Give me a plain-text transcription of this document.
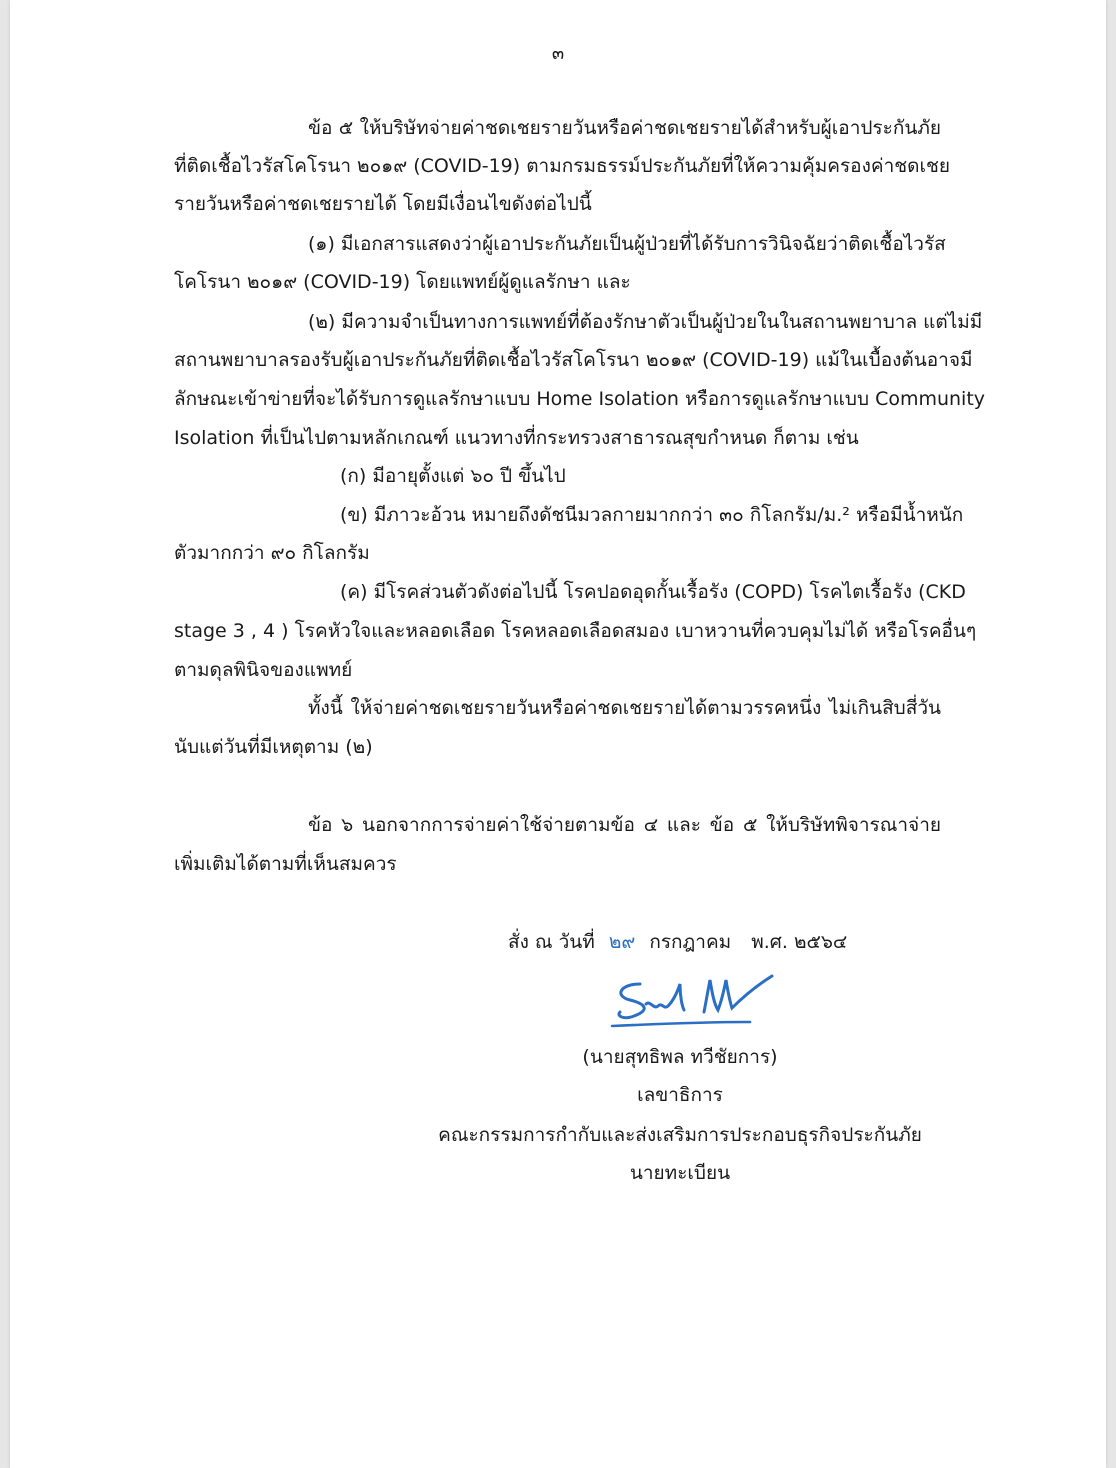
๓
ข้อ ๕ ให้บริษัทจ่ายค่าชดเชยรายวันหรือค่าชดเชยรายได้สำหรับผู้เอาประกันภัย
ที่ติดเชื้อไวรัสโคโรนา ๒๐๑๙ (COVID-19) ตามกรมธรรม์ประกันภัยที่ให้ความคุ้มครองค่าชดเชย
รายวันหรือค่าชดเชยรายได้ โดยมีเงื่อนไขดังต่อไปนี้
(๑) มีเอกสารแสดงว่าผู้เอาประกันภัยเป็นผู้ป่วยที่ได้รับการวินิจฉัยว่าติดเชื้อไวรัส
โคโรนา ๒๐๑๙ (COVID-19) โดยแพทย์ผู้ดูแลรักษา และ
(๒) มีความจำเป็นทางการแพทย์ที่ต้องรักษาตัวเป็นผู้ป่วยในในสถานพยาบาล แต่ไม่มี
สถานพยาบาลรองรับผู้เอาประกันภัยที่ติดเชื้อไวรัสโคโรนา ๒๐๑๙ (COVID-19) แม้ในเบื้องต้นอาจมี
ลักษณะเข้าข่ายที่จะได้รับการดูแลรักษาแบบ Home Isolation หรือการดูแลรักษาแบบ Community
Isolation ที่เป็นไปตามหลักเกณฑ์ แนวทางที่กระทรวงสาธารณสุขกำหนด ก็ตาม เช่น
(ก) มีอายุตั้งแต่ ๖๐ ปี ขึ้นไป
(ข) มีภาวะอ้วน หมายถึงดัชนีมวลกายมากกว่า ๓๐ กิโลกรัม/ม.² หรือมีน้ำหนัก
ตัวมากกว่า ๙๐ กิโลกรัม
(ค) มีโรคส่วนตัวดังต่อไปนี้ โรคปอดอุดกั้นเรื้อรัง (COPD) โรคไตเรื้อรัง (CKD
stage 3 , 4 ) โรคหัวใจและหลอดเลือด โรคหลอดเลือดสมอง เบาหวานที่ควบคุมไม่ได้ หรือโรคอื่นๆ
ตามดุลพินิจของแพทย์
ทั้งนี้ ให้จ่ายค่าชดเชยรายวันหรือค่าชดเชยรายได้ตามวรรคหนึ่ง ไม่เกินสิบสี่วัน
นับแต่วันที่มีเหตุตาม (๒)
ข้อ ๖ นอกจากการจ่ายค่าใช้จ่ายตามข้อ ๔ และ ข้อ ๕ ให้บริษัทพิจารณาจ่าย
เพิ่มเติมได้ตามที่เห็นสมควร
สั่ง ณ วันที่ ๒๙ กรกฎาคม พ.ศ. ๒๕๖๔
(นายสุทธิพล ทวีชัยการ)
เลขาธิการ
คณะกรรมการกำกับและส่งเสริมการประกอบธุรกิจประกันภัย
นายทะเบียน
